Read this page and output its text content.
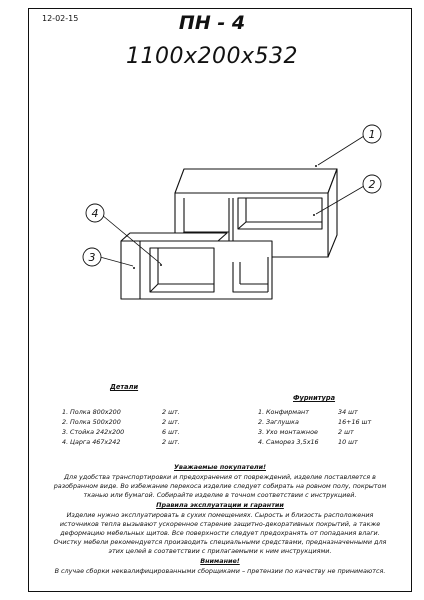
12-02-15	ПН - 4
1100x200x532
1
2
3
4
Детали
1. Полка 800x200	2 шт.
2. Полка 500x200	2 шт.
3. Стойка 242x200	6 шт.
4. Царга 467x242	2 шт.
Фурнитура
1. Конфирмант	34 шт
2. Заглушка	16+16 шт
3. Ухо монтажное	2 шт
4. Саморез 3,5x16	10 шт
Уважаемые покупатели!
Для удобства транспортировки и предохранения от повреждений, изделие поставляется в
разобранном виде. Во избежание перекоса изделие следует собирать на ровном полу, покрытом
тканью или бумагой. Собирайте изделие в точном соответствии с инструкцией.
Правила эксплуатации и гарантии
Изделие нужно эксплуатировать в сухих помещениях. Сырость и близость расположения
источников тепла вызывают ускоренное старение защитно-декоративных покрытий, а также
деформацию мебельных щитов. Все поверхности следует предохранять от попадания влаги.
Очистку мебели рекомендуется производить специальными средствами, предназначенными для
этих целей в соответствии с прилагаемыми к ним инструкциями.
Внимание!
В случае сборки неквалифицированными сборщиками – претензии по качеству не принимаются.
